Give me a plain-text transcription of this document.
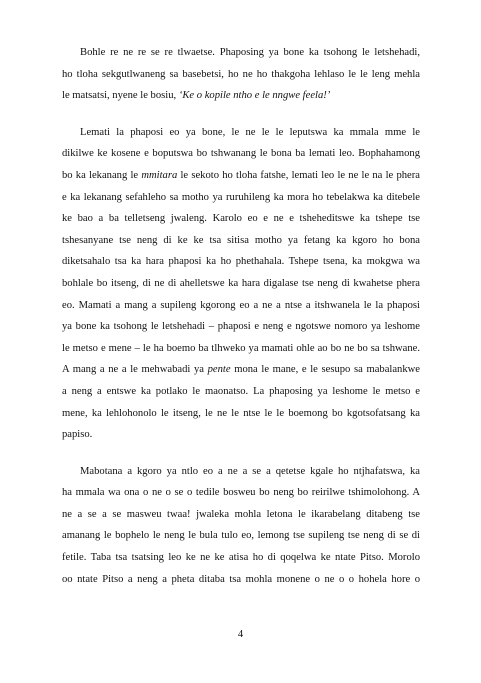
Bohle re ne re se re tlwaetse. Phaposing ya bone ka tsohong le letshehadi,
ho tloha sekgutlwaneng sa basebetsi, ho ne ho thakgoha lehlaso le le leng mehla
le matsatsi, nyene le bosiu, ‘Ke o kopile ntho e le nngwe feela!’

Lemati la phaposi eo ya bone, le ne le le leputswa ka mmala mme le
dikilwe ke kosene e boputswa bo tshwanang le bona ba lemati leo. Bophahamong
bo ka lekanang le mmitara le sekoto ho tloha fatshe, lemati leo le ne le na le phera
e ka lekanang sefahleho sa motho ya ruruhileng ka mora ho tebelakwa ka ditebele
ke bao a ba telletseng jwaleng. Karolo eo e ne e tsheheditswe ka tshepe tse
tshesanyane tse neng di ke ke tsa sitisa motho ya fetang ka kgoro ho bona
diketsahalo tsa ka hara phaposi ka ho phethahala. Tshepe tsena, ka mokgwa wa
bohlale bo itseng, di ne di ahelletswe ka hara digalase tse neng di kwahetse phera
eo. Mamati a mang a supileng kgorong eo a ne a ntse a itshwanela le la phaposi
ya bone ka tsohong le letshehadi – phaposi e neng e ngotswe nomoro ya leshome
le metso e mene – le ha boemo ba tlhweko ya mamati ohle ao bo ne bo sa tshwane.
A mang a ne a le mehwabadi ya pente mona le mane, e le sesupo sa mabalankwe
a neng a entswe ka potlako le maonatso. La phaposing ya leshome le metso e
mene, ka lehlohonolo le itseng, le ne le ntse le le boemong bo kgotsofatsang ka
papiso.

Mabotana a kgoro ya ntlo eo a ne a se a qetetse kgale ho ntjhafatswa, ka
ha mmala wa ona o ne o se o tedile bosweu bo neng bo reirilwe tshimolohong. A
ne a se a se masweu twaa! jwaleka mohla letona le ikarabelang ditabeng tse
amanang le bophelo le neng le bula tulo eo, lemong tse supileng tse neng di se di
fetile. Taba tsa tsatsing leo ke ne ke atisa ho di qoqelwa ke ntate Pitso. Morolo
oo ntate Pitso a neng a pheta ditaba tsa mohla monene o ne o o hohela hore o

4
